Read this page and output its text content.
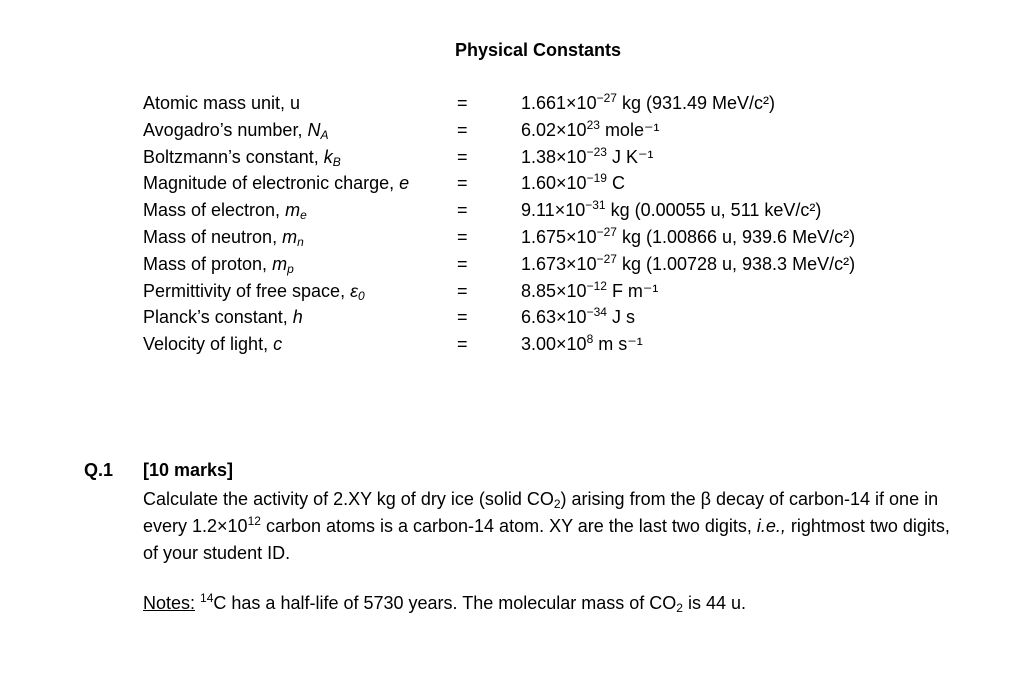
Physical Constants
Atomic mass unit, u	=	$1.661\times 10^{-27}$ kg (931.49 MeV/c²)
Avogadro’s number, $N_A$	=	$6.02\times 10^{23}$ mole⁻¹
Boltzmann’s constant, $k_B$	=	$1.38\times 10^{-23}$ J K⁻¹
Magnitude of electronic charge, e	=	$1.60\times 10^{-19}$ C
Mass of electron, $m_e$	=	$9.11\times 10^{-31}$ kg (0.00055 u, 511 keV/c²)
Mass of neutron, $m_n$	=	$1.675\times 10^{-27}$ kg (1.00866 u, 939.6 MeV/c²)
Mass of proton, $m_p$	=	$1.673\times 10^{-27}$ kg (1.00728 u, 938.3 MeV/c²)
Permittivity of free space, $\varepsilon_0$	=	$8.85\times 10^{-12}$ F m⁻¹
Planck’s constant, h	=	$6.63\times 10^{-34}$ J s
Velocity of light, c	=	$3.00\times 10^8$ m s⁻¹
Q.1 [10 marks]
Calculate the activity of 2.XY kg of dry ice (solid $CO_2$) arising from the β decay of carbon-14 if one in every $1.2\times 10^{12}$ carbon atoms is a carbon-14 atom. XY are the last two digits, i.e., rightmost two digits, of your student ID.
Notes: $^{14}$C has a half-life of 5730 years. The molecular mass of $CO_2$ is 44 u.
